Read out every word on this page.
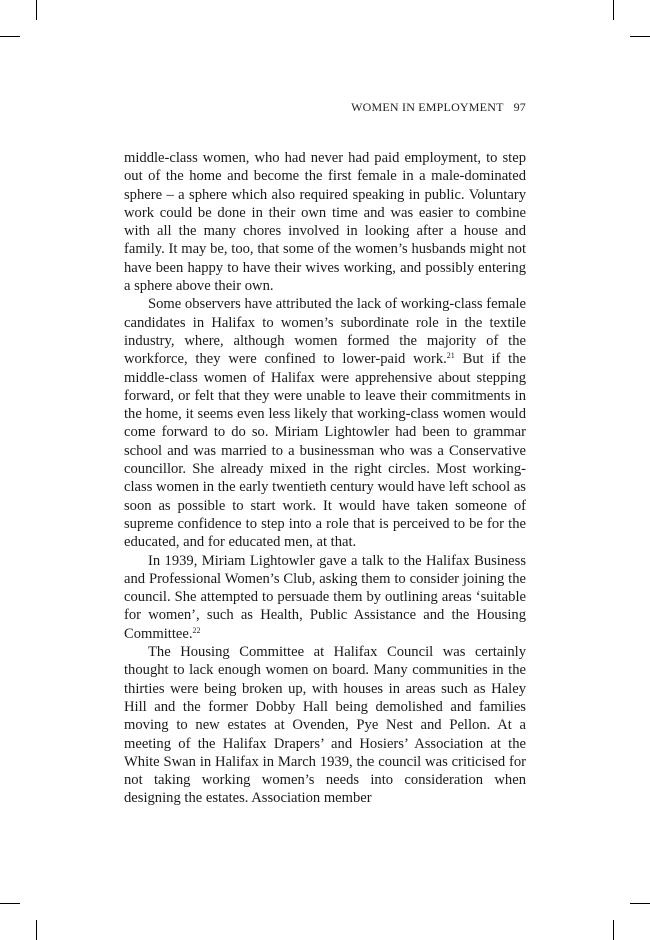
WOMEN IN EMPLOYMENT 97

middle-class women, who had never had paid employment, to step out of the home and become the first female in a male-dominated sphere – a sphere which also required speaking in public. Voluntary work could be done in their own time and was easier to combine with all the many chores involved in looking after a house and family. It may be, too, that some of the women’s husbands might not have been happy to have their wives working, and possibly entering a sphere above their own.

Some observers have attributed the lack of working-class female candidates in Halifax to women’s subordinate role in the textile industry, where, although women formed the majority of the workforce, they were confined to lower-paid work.$^{21}$ But if the middle-class women of Halifax were apprehensive about stepping forward, or felt that they were unable to leave their commitments in the home, it seems even less likely that working-class women would come forward to do so. Miriam Lightowler had been to grammar school and was married to a businessman who was a Conservative councillor. She already mixed in the right circles. Most working-class women in the early twentieth century would have left school as soon as possible to start work. It would have taken someone of supreme confidence to step into a role that is perceived to be for the educated, and for educated men, at that.

In 1939, Miriam Lightowler gave a talk to the Halifax Business and Professional Women’s Club, asking them to consider joining the council. She attempted to persuade them by outlining areas ‘suitable for women’, such as Health, Public Assistance and the Housing Committee.$^{22}$

The Housing Committee at Halifax Council was certainly thought to lack enough women on board. Many communities in the thirties were being broken up, with houses in areas such as Haley Hill and the former Dobby Hall being demolished and families moving to new estates at Ovenden, Pye Nest and Pellon. At a meeting of the Halifax Drapers’ and Hosiers’ Association at the White Swan in Halifax in March 1939, the council was criticised for not taking working women’s needs into consideration when designing the estates. Association member
